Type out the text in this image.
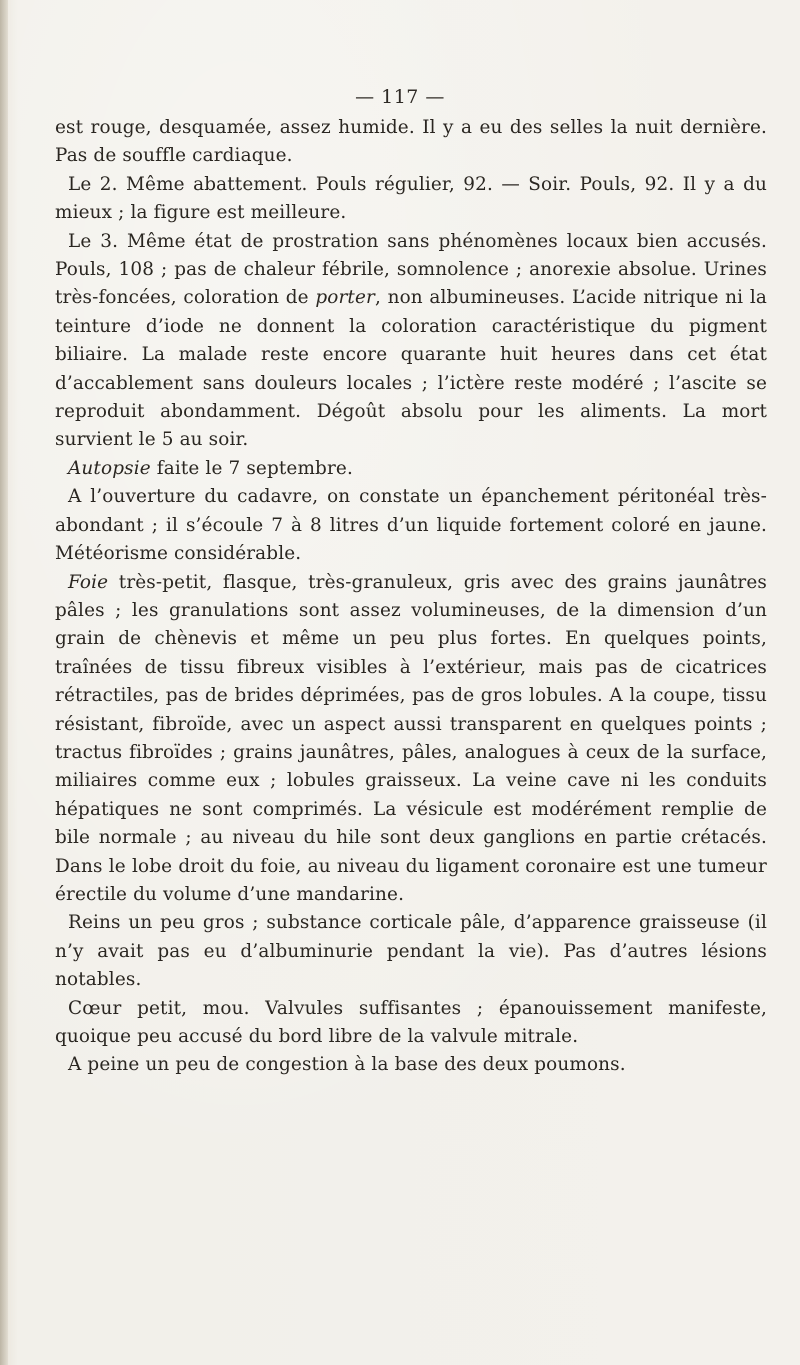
— 117 —

est rouge, desquamée, assez humide. Il y a eu des selles la nuit dernière. Pas de souffle cardiaque.

Le 2. Même abattement. Pouls régulier, 92. — Soir. Pouls, 92. Il y a du mieux ; la figure est meilleure.

Le 3. Même état de prostration sans phénomènes locaux bien accusés. Pouls, 108 ; pas de chaleur fébrile, somnolence ; anorexie absolue. Urines très-foncées, coloration de porter, non albumineuses. L’acide nitrique ni la teinture d’iode ne donnent la coloration caractéristique du pigment biliaire. La malade reste encore quarante huit heures dans cet état d’accablement sans douleurs locales ; l’ictère reste modéré ; l’ascite se reproduit abondamment. Dégoût absolu pour les aliments. La mort survient le 5 au soir.

Autopsie faite le 7 septembre.

A l’ouverture du cadavre, on constate un épanchement péritonéal très-abondant ; il s’écoule 7 à 8 litres d’un liquide fortement coloré en jaune. Météorisme considérable.

Foie très-petit, flasque, très-granuleux, gris avec des grains jaunâtres pâles ; les granulations sont assez volumineuses, de la dimension d’un grain de chènevis et même un peu plus fortes. En quelques points, traînées de tissu fibreux visibles à l’extérieur, mais pas de cicatrices rétractiles, pas de brides déprimées, pas de gros lobules. A la coupe, tissu résistant, fibroïde, avec un aspect aussi transparent en quelques points ; tractus fibroïdes ; grains jaunâtres, pâles, analogues à ceux de la surface, miliaires comme eux ; lobules graisseux. La veine cave ni les conduits hépatiques ne sont comprimés. La vésicule est modérément remplie de bile normale ; au niveau du hile sont deux ganglions en partie crétacés. Dans le lobe droit du foie, au niveau du ligament coronaire est une tumeur érectile du volume d’une mandarine.

Reins un peu gros ; substance corticale pâle, d’apparence graisseuse (il n’y avait pas eu d’albuminurie pendant la vie). Pas d’autres lésions notables.

Cœur petit, mou. Valvules suffisantes ; épanouissement manifeste, quoique peu accusé du bord libre de la valvule mitrale.

A peine un peu de congestion à la base des deux poumons.
